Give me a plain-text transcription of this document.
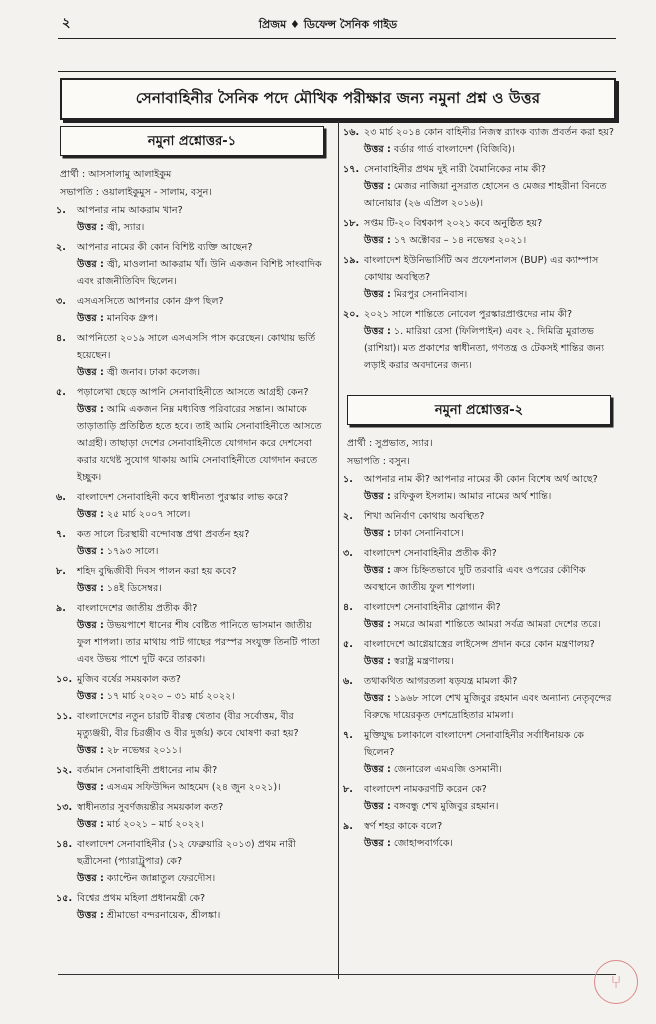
২	প্রিজম ♦ ডিফেন্স সৈনিক গাইড
সেনাবাহিনীর সৈনিক পদে মৌখিক পরীক্ষার জন্য নমুনা প্রশ্ন ও উত্তর
নমুনা প্রশ্নোত্তর-১
প্রার্থী : আসসালামু আলাইকুম
সভাপতি : ওয়ালাইকুমুস - সালাম, বসুন।
১.	আপনার নাম আকরাম খান?
উত্তর : জ্বী, স্যার।
২.	আপনার নামের কী কোন বিশিষ্ট ব্যক্তি আছেন?
উত্তর : জ্বী, মাওলানা আকরাম খাঁ। উনি একজন বিশিষ্ট সাংবাদিক এবং রাজনীতিবিদ ছিলেন।
৩.	এসএসসিতে আপনার কোন গ্রুপ ছিল?
উত্তর : মানবিক গ্রুপ।
৪.	আপনিতো ২০১৯ সালে এসএসসি পাস করেছেন। কোথায় ভর্তি হয়েছেন।
উত্তর : জ্বী জনাব। ঢাকা কলেজ।
৫.	পড়ালেখা ছেড়ে আপনি সেনাবাহিনীতে আসতে আগ্রহী কেন?
উত্তর : আমি একজন নিম্ন মধ্যবিত্ত পরিবারের সন্তান। আমাকে তাড়াতাড়ি প্রতিষ্ঠিত হতে হবে। তাই আমি সেনাবাহিনীতে আসতে আগ্রহী। তাছাড়া দেশের সেনাবাহিনীতে যোগদান করে দেশসেবা করার যথেষ্ট সুযোগ থাকায় আমি সেনাবাহিনীতে যোগদান করতে ইচ্ছুক।
৬.	বাংলাদেশ সেনাবাহিনী কবে স্বাধীনতা পুরস্কার লাভ করে?
উত্তর : ২৫ মার্চ ২০০৭ সালে।
৭.	কত সালে চিরস্থায়ী বন্দোবস্ত প্রথা প্রবর্তন হয়?
উত্তর : ১৭৯৩ সালে।
৮.	শহিদ বুদ্ধিজীবী দিবস পালন করা হয় কবে?
উত্তর : ১৪ই ডিসেম্বর।
৯.	বাংলাদেশের জাতীয় প্রতীক কী?
উত্তর : উভয়পাশে ধানের শীষ বেষ্টিত পানিতে ভাসমান জাতীয় ফুল শাপলা। তার মাথায় পাট গাছের পরস্পর সংযুক্ত তিনটি পাতা এবং উভয় পাশে দুটি করে তারকা।
১০. মুজিব বর্ষের সময়কাল কত?
উত্তর : ১৭ মার্চ ২০২০ – ৩১ মার্চ ২০২২।
১১. বাংলাদেশের নতুন চারটি বীরত্ব খেতাব (বীর সর্বোত্তম, বীর মৃত্যুঞ্জয়ী, বীর চিরঞ্জীব ও বীর দুর্জয়) কবে ঘোষণা করা হয়?
উত্তর : ২৮ নভেম্বর ২০১১।
১২. বর্তমান সেনাবাহিনী প্রধানের নাম কী?
উত্তর : এসএম সফিউদ্দিন আহমেদ (২৪ জুন ২০২১)।
১৩. স্বাধীনতার সুবর্ণজয়ন্তীর সময়কাল কত?
উত্তর : মার্চ ২০২১ – মার্চ ২০২২।
১৪. বাংলাদেশ সেনাবাহিনীর (১২ ফেব্রুয়ারি ২০১৩) প্রথম নারী ছত্রীসেনা (প্যারাট্রুপার) কে?
উত্তর : ক্যাপ্টেন জান্নাতুল ফেরদৌস।
১৫. বিশ্বের প্রথম মহিলা প্রধানমন্ত্রী কে?
উত্তর : শ্রীমাভো বন্দরনায়েক, শ্রীলঙ্কা।
১৬. ২৩ মার্চ ২০১৪ কোন বাহিনীর নিজস্ব র‍্যাংক ব্যাজ প্রবর্তন করা হয়?
উত্তর : বর্ডার গার্ড বাংলাদেশ (বিজিবি)।
১৭. সেনাবাহিনীর প্রথম দুই নারী বৈমানিকের নাম কী?
উত্তর : মেজর নাজিয়া নুসরাত হোসেন ও মেজর শাহরীনা বিনতে আনোয়ার (২৬ এপ্রিল ২০১৬)।
১৮. সপ্তম টি-২০ বিশ্বকাপ ২০২১ কবে অনুষ্ঠিত হয়?
উত্তর : ১৭ অক্টোবর – ১৪ নভেম্বর ২০২১।
১৯. বাংলাদেশ ইউনিভার্সিটি অব প্রফেশনালস (BUP) এর ক্যাম্পাস কোথায় অবস্থিত?
উত্তর : মিরপুর সেনানিবাস।
২০. ২০২১ সালে শান্তিতে নোবেল পুরস্কারপ্রাপ্তদের নাম কী?
উত্তর : ১. মারিয়া রেসা (ফিলিপাইন) এবং ২. দিমিত্রি মুরাতভ (রাশিয়া)। মত প্রকাশের স্বাধীনতা, গণতন্ত্র ও টেকসই শান্তির জন্য লড়াই করার অবদানের জন্য।
নমুনা প্রশ্নোত্তর-২
প্রার্থী : সুপ্রভাত, স্যার।
সভাপতি : বসুন।
১.	আপনার নাম কী? আপনার নামের কী কোন বিশেষ অর্থ আছে?
উত্তর : রফিকুল ইসলাম। আমার নামের অর্থ শান্তি।
২.	শিখা অনির্বাণ কোথায় অবস্থিত?
উত্তর : ঢাকা সেনানিবাসে।
৩.	বাংলাদেশ সেনাবাহিনীর প্রতীক কী?
উত্তর : ক্রস চিহ্নিতভাবে দুটি তরবারি এবং ওপরের কৌণিক অবস্থানে জাতীয় ফুল শাপলা।
৪.	বাংলাদেশ সেনাবাহিনীর স্লোগান কী?
উত্তর : সমরে আমরা শান্তিতে আমরা সর্বত্র আমরা দেশের তরে।
৫.	বাংলাদেশে আগ্নেয়াস্ত্রের লাইসেন্স প্রদান করে কোন মন্ত্রণালয়?
উত্তর : স্বরাষ্ট্র মন্ত্রণালয়।
৬.	তথাকথিত আগরতলা ষড়যন্ত্র মামলা কী?
উত্তর : ১৯৬৮ সালে শেখ মুজিবুর রহমান এবং অন্যান্য নেতৃবৃন্দের বিরুদ্ধে দায়েরকৃত দেশদ্রোহিতার মামলা।
৭.	মুক্তিযুদ্ধ চলাকালে বাংলাদেশ সেনাবাহিনীর সর্বাধিনায়ক কে ছিলেন?
উত্তর : জেনারেল এমএজি ওসমানী।
৮.	বাংলাদেশ নামকরণটি করেন কে?
উত্তর : বঙ্গবন্ধু শেখ মুজিবুর রহমান।
৯.	স্বর্ণ শহর কাকে বলে?
উত্তর : জোহান্সবার্গকে।
⑂
